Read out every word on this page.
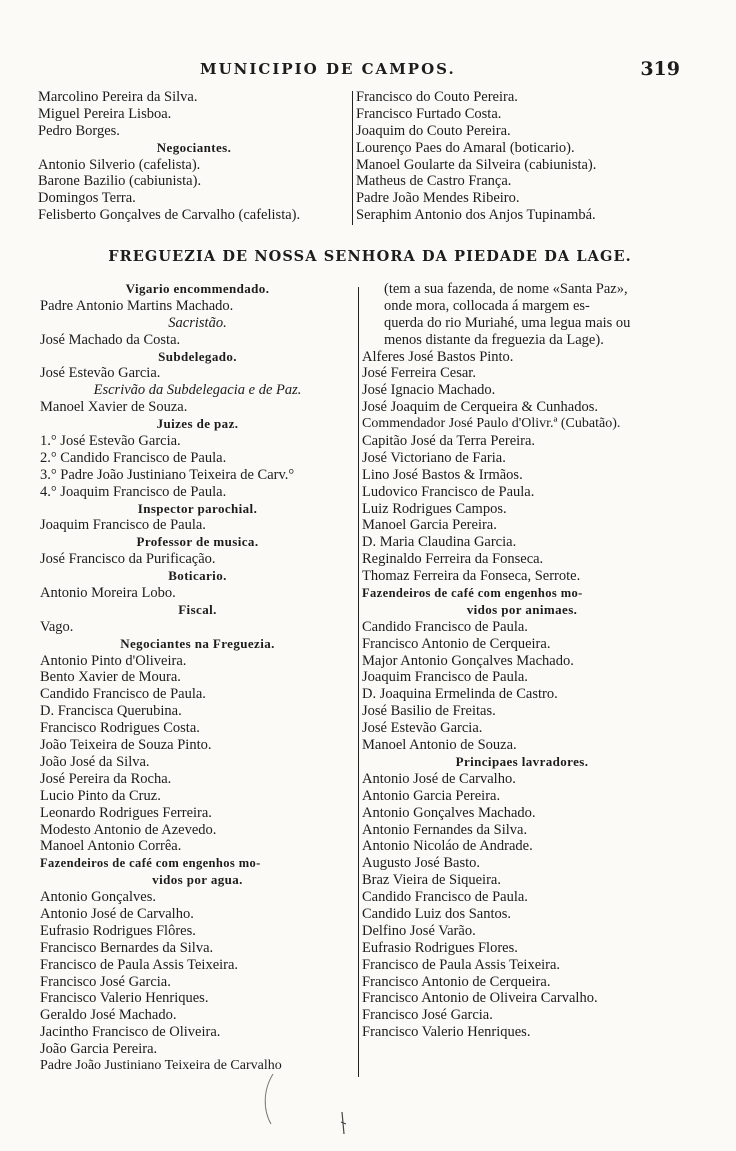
MUNICIPIO DE CAMPOS.	319
Marcolino Pereira da Silva.
Miguel Pereira Lisboa.
Pedro Borges.
Negociantes.
Antonio Silverio (cafelista).
Barone Bazilio (cabiunista).
Domingos Terra.
Felisberto Gonçalves de Carvalho (cafelista).
Francisco do Couto Pereira.
Francisco Furtado Costa.
Joaquim do Couto Pereira.
Lourenço Paes do Amaral (boticario).
Manoel Goularte da Silveira (cabiunista).
Matheus de Castro França.
Padre João Mendes Ribeiro.
Seraphim Antonio dos Anjos Tupinambá.
FREGUEZIA DE NOSSA SENHORA DA PIEDADE DA LAGE.
Vigario encommendado.
Padre Antonio Martins Machado.
Sacristão.
José Machado da Costa.
Subdelegado.
José Estevão Garcia.
Escrivão da Subdelegacia e de Paz.
Manoel Xavier de Souza.
Juizes de paz.
1.° José Estevão Garcia.
2.° Candido Francisco de Paula.
3.° Padre João Justiniano Teixeira de Carv.°
4.° Joaquim Francisco de Paula.
Inspector parochial.
Joaquim Francisco de Paula.
Professor de musica.
José Francisco da Purificação.
Boticario.
Antonio Moreira Lobo.
Fiscal.
Vago.
Negociantes na Freguezia.
Antonio Pinto d'Oliveira.
Bento Xavier de Moura.
Candido Francisco de Paula.
D. Francisca Querubina.
Francisco Rodrigues Costa.
João Teixeira de Souza Pinto.
João José da Silva.
José Pereira da Rocha.
Lucio Pinto da Cruz.
Leonardo Rodrigues Ferreira.
Modesto Antonio de Azevedo.
Manoel Antonio Corrêa.
Fazendeiros de café com engenhos mo-
vidos por agua.
Antonio Gonçalves.
Antonio José de Carvalho.
Eufrasio Rodrigues Flôres.
Francisco Bernardes da Silva.
Francisco de Paula Assis Teixeira.
Francisco José Garcia.
Francisco Valerio Henriques.
Geraldo José Machado.
Jacintho Francisco de Oliveira.
João Garcia Pereira.
Padre João Justiniano Teixeira de Carvalho
(tem a sua fazenda, de nome «Santa Paz»,
onde mora, collocada á margem es-
querda do rio Muriahé, uma legua mais ou
menos distante da freguezia da Lage).
Alferes José Bastos Pinto.
José Ferreira Cesar.
José Ignacio Machado.
José Joaquim de Cerqueira & Cunhados.
Commendador José Paulo d'Olivr.ª (Cubatão).
Capitão José da Terra Pereira.
José Victoriano de Faria.
Lino José Bastos & Irmãos.
Ludovico Francisco de Paula.
Luiz Rodrigues Campos.
Manoel Garcia Pereira.
D. Maria Claudina Garcia.
Reginaldo Ferreira da Fonseca.
Thomaz Ferreira da Fonseca, Serrote.
Fazendeiros de café com engenhos mo-
vidos por animaes.
Candido Francisco de Paula.
Francisco Antonio de Cerqueira.
Major Antonio Gonçalves Machado.
Joaquim Francisco de Paula.
D. Joaquina Ermelinda de Castro.
José Basilio de Freitas.
José Estevão Garcia.
Manoel Antonio de Souza.
Principaes lavradores.
Antonio José de Carvalho.
Antonio Garcia Pereira.
Antonio Gonçalves Machado.
Antonio Fernandes da Silva.
Antonio Nicoláo de Andrade.
Augusto José Basto.
Braz Vieira de Siqueira.
Candido Francisco de Paula.
Candido Luiz dos Santos.
Delfino José Varão.
Eufrasio Rodrigues Flores.
Francisco de Paula Assis Teixeira.
Francisco Antonio de Cerqueira.
Francisco Antonio de Oliveira Carvalho.
Francisco José Garcia.
Francisco Valerio Henriques.
